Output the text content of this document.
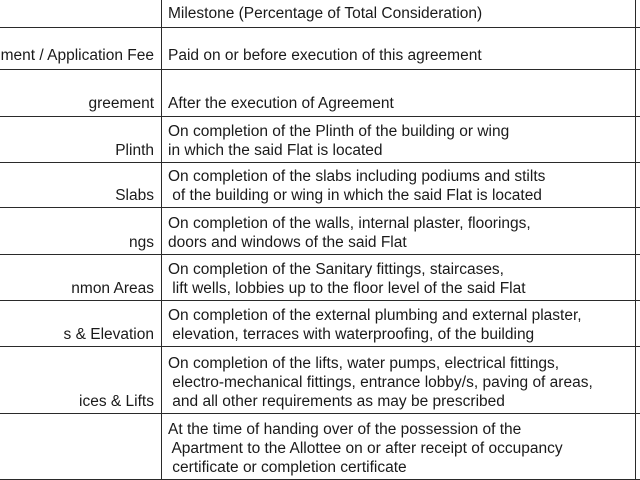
Milestone (Percentage of Total Consideration)
ment / Application Fee Paid on or before execution of this agreement
greement After the execution of Agreement
Plinth
On completion of the Plinth of the building or wing
in which the said Flat is located
Slabs
On completion of the slabs including podiums and stilts
of the building or wing in which the said Flat is located
ngs
On completion of the walls, internal plaster, floorings,
doors and windows of the said Flat
nmon Areas
On completion of the Sanitary fittings, staircases,
lift wells, lobbies up to the floor level of the said Flat
s & Elevation
On completion of the external plumbing and external plaster,
elevation, terraces with waterproofing, of the building
ices & Lifts
On completion of the lifts, water pumps, electrical fittings,
electro-mechanical fittings, entrance lobby/s, paving of areas,
and all other requirements as may be prescribed
At the time of handing over of the possession of the
Apartment to the Allottee on or after receipt of occupancy
certificate or completion certificate
